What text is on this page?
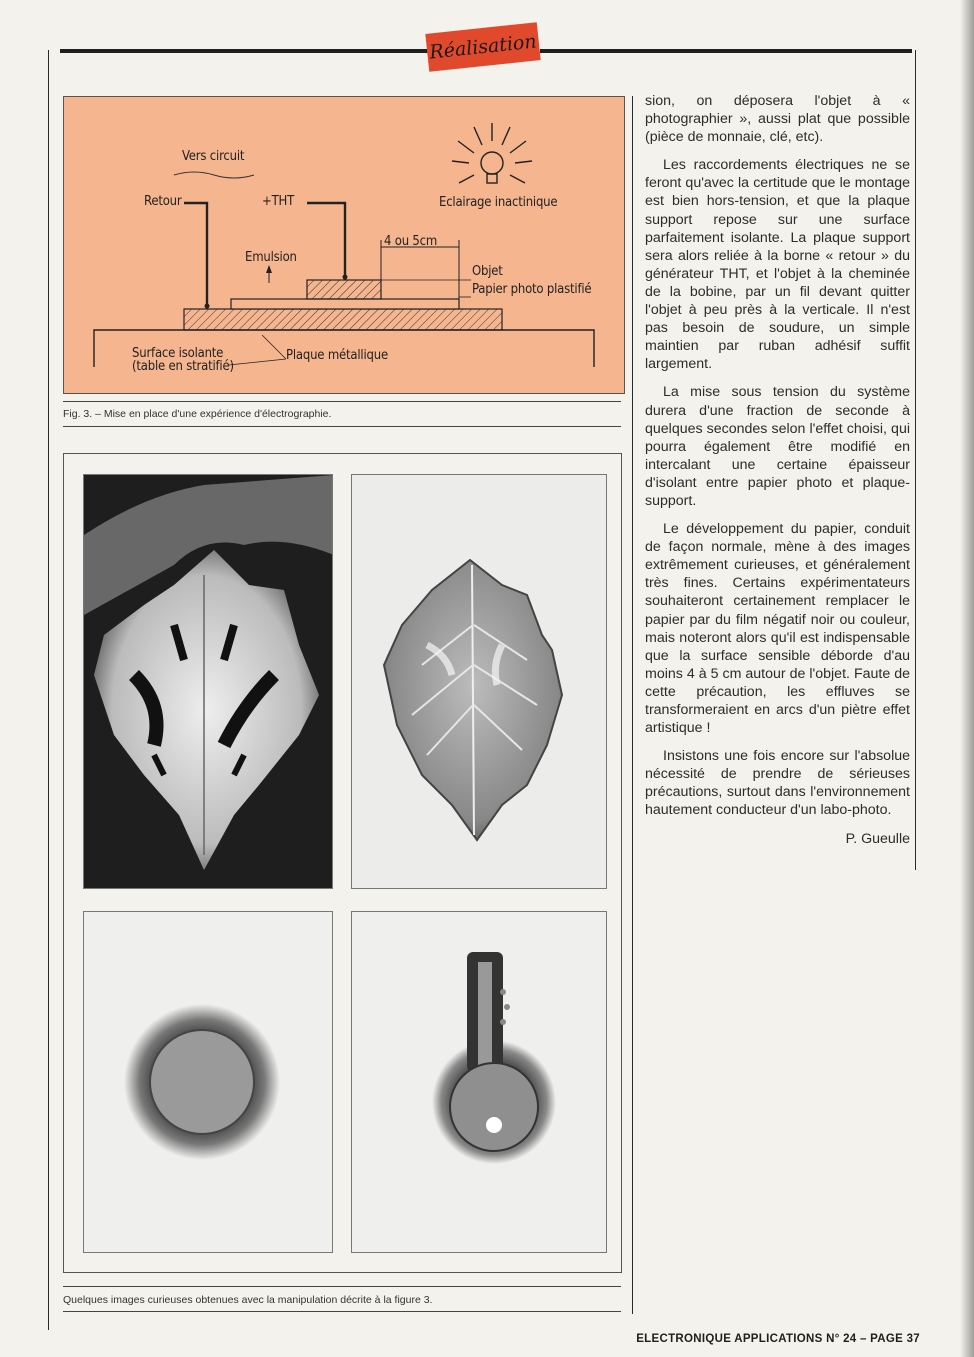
Réalisation
Vers circuit
Retour	+THT	Eclairage inactinique
4 ou 5cm
Emulsion
Objet
Papier photo plastifié
Surface isolante
(table en stratifié)
Plaque métallique
Fig. 3. – Mise en place d'une expérience d'électrographie.
Quelques images curieuses obtenues avec la manipulation décrite à la figure 3.

sion, on déposera l'objet à « photographier », aussi plat que possible (pièce de monnaie, clé, etc).

Les raccordements électriques ne se feront qu'avec la certitude que le montage est bien hors-tension, et que la plaque support repose sur une surface parfaitement isolante. La plaque support sera alors reliée à la borne « retour » du générateur THT, et l'objet à la cheminée de la bobine, par un fil devant quitter l'objet à peu près à la verticale. Il n'est pas besoin de soudure, un simple maintien par ruban adhésif suffit largement.

La mise sous tension du système durera d'une fraction de seconde à quelques secondes selon l'effet choisi, qui pourra également être modifié en intercalant une certaine épaisseur d'isolant entre papier photo et plaque-support.

Le développement du papier, conduit de façon normale, mène à des images extrêmement curieuses, et généralement très fines. Certains expérimentateurs souhaiteront certainement remplacer le papier par du film négatif noir ou couleur, mais noteront alors qu'il est indispensable que la surface sensible déborde d'au moins 4 à 5 cm autour de l'objet. Faute de cette précaution, les effluves se transformeraient en arcs d'un piètre effet artistique !

Insistons une fois encore sur l'absolue nécessité de prendre de sérieuses précautions, surtout dans l'environnement hautement conducteur d'un labo-photo.

P. Gueulle

ELECTRONIQUE APPLICATIONS N° 24 – PAGE 37
